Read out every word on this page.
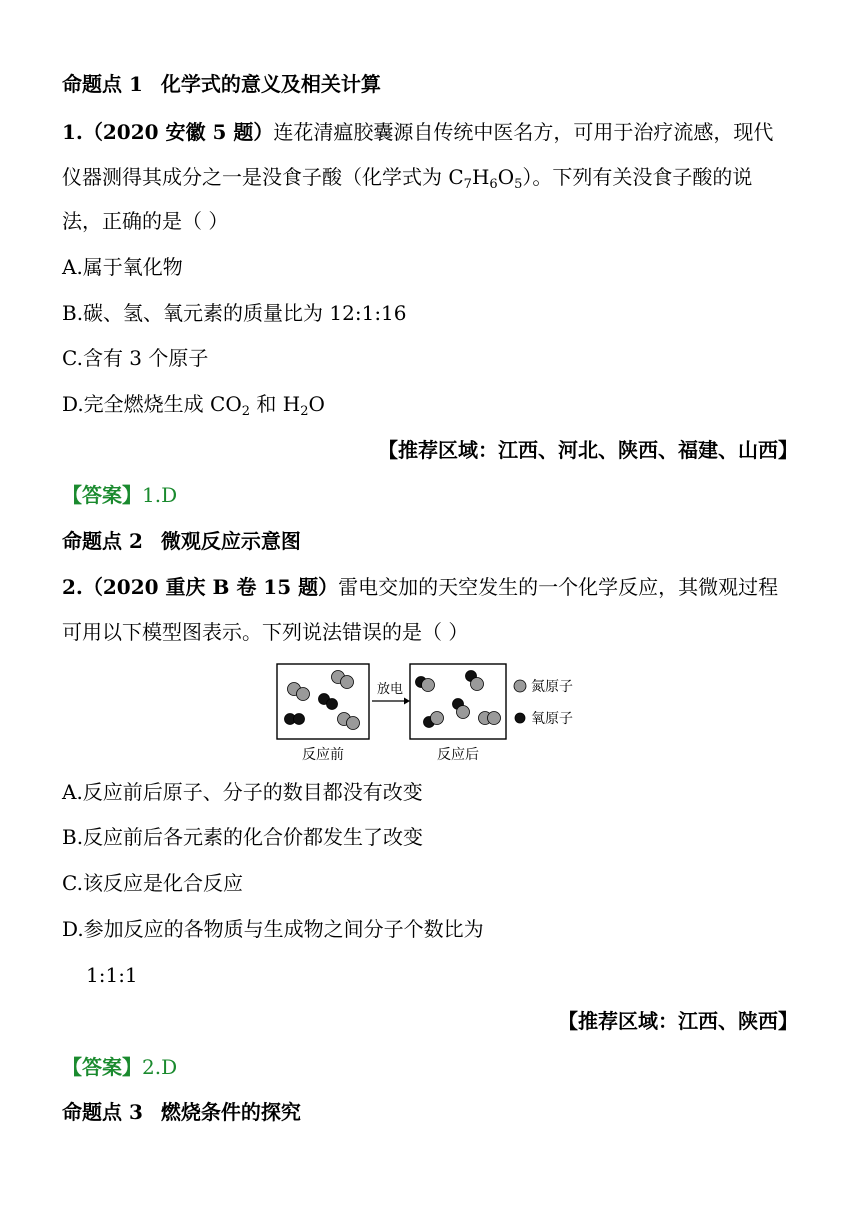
命题点 1 化学式的意义及相关计算
1.（2020 安徽 5 题）连花清瘟胶囊源自传统中医名方，可用于治疗流感，现代
仪器测得其成分之一是没食子酸（化学式为 $C_7H_6O_5$）。下列有关没食子酸的说
法，正确的是（ ）
A.属于氧化物
B.碳、氢、氧元素的质量比为 12:1:16
C.含有 3 个原子
D.完全燃烧生成 $CO_2$ 和 $H_2O$
【推荐区域：江西、河北、陕西、福建、山西】
【答案】1.D
命题点 2 微观反应示意图
2.（2020 重庆 B 卷 15 题）雷电交加的天空发生的一个化学反应，其微观过程
可用以下模型图表示。下列说法错误的是（ ）
放电	氮原子
氧原子
反应前	反应后
A.反应前后原子、分子的数目都没有改变
B.反应前后各元素的化合价都发生了改变
C.该反应是化合反应
D.参加反应的各物质与生成物之间分子个数比为
1:1:1
【推荐区域：江西、陕西】
【答案】2.D
命题点 3 燃烧条件的探究
